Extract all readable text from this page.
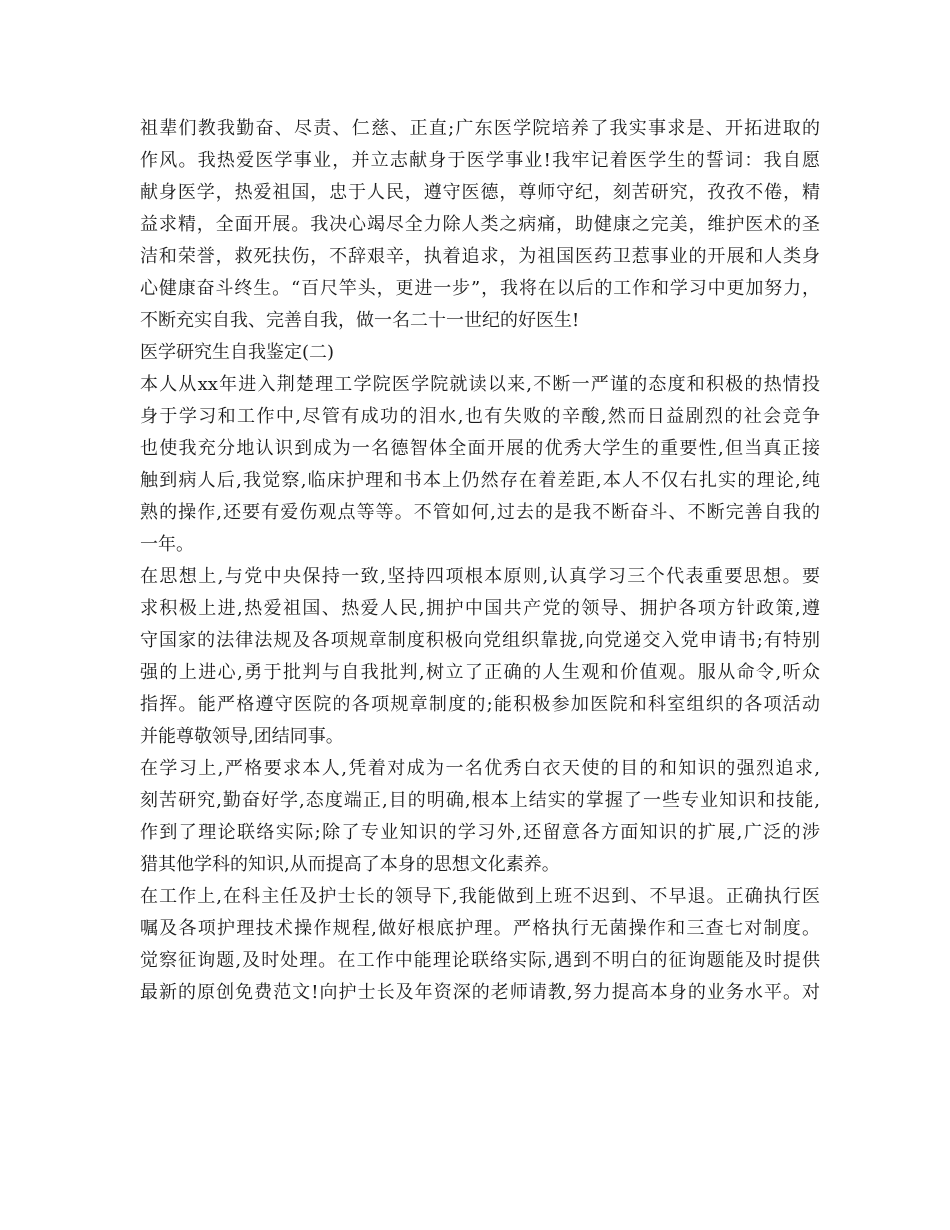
祖辈们教我勤奋、尽责、仁慈、正直;广东医学院培养了我实事求是、开拓进取的
作风。我热爱医学事业，并立志献身于医学事业!我牢记着医学生的誓词：我自愿
献身医学，热爱祖国，忠于人民，遵守医德，尊师守纪，刻苦研究，孜孜不倦，精
益求精，全面开展。我决心竭尽全力除人类之病痛，助健康之完美，维护医术的圣
洁和荣誉，救死扶伤，不辞艰辛，执着追求，为祖国医药卫惹事业的开展和人类身
心健康奋斗终生。“百尺竿头，更进一步”，我将在以后的工作和学习中更加努力，
不断充实自我、完善自我，做一名二十一世纪的好医生!
医学研究生自我鉴定(二)
本人从xx年进入荆楚理工学院医学院就读以来,不断一严谨的态度和积极的热情投
身于学习和工作中,尽管有成功的泪水,也有失败的辛酸,然而日益剧烈的社会竞争
也使我充分地认识到成为一名德智体全面开展的优秀大学生的重要性,但当真正接
触到病人后,我觉察,临床护理和书本上仍然存在着差距,本人不仅右扎实的理论,纯
熟的操作,还要有爱伤观点等等。不管如何,过去的是我不断奋斗、不断完善自我的
一年。
在思想上,与党中央保持一致,坚持四项根本原则,认真学习三个代表重要思想。要
求积极上进,热爱祖国、热爱人民,拥护中国共产党的领导、拥护各项方针政策,遵
守国家的法律法规及各项规章制度积极向党组织靠拢,向党递交入党申请书;有特别
强的上进心,勇于批判与自我批判,树立了正确的人生观和价值观。服从命令,听众
指挥。能严格遵守医院的各项规章制度的;能积极参加医院和科室组织的各项活动
并能尊敬领导,团结同事。
在学习上,严格要求本人,凭着对成为一名优秀白衣天使的目的和知识的强烈追求,
刻苦研究,勤奋好学,态度端正,目的明确,根本上结实的掌握了一些专业知识和技能,
作到了理论联络实际;除了专业知识的学习外,还留意各方面知识的扩展,广泛的涉
猎其他学科的知识,从而提高了本身的思想文化素养。
在工作上,在科主任及护士长的领导下,我能做到上班不迟到、不早退。正确执行医
嘱及各项护理技术操作规程,做好根底护理。严格执行无菌操作和三查七对制度。
觉察征询题,及时处理。在工作中能理论联络实际,遇到不明白的征询题能及时提供
最新的原创免费范文!向护士长及年资深的老师请教,努力提高本身的业务水平。对
